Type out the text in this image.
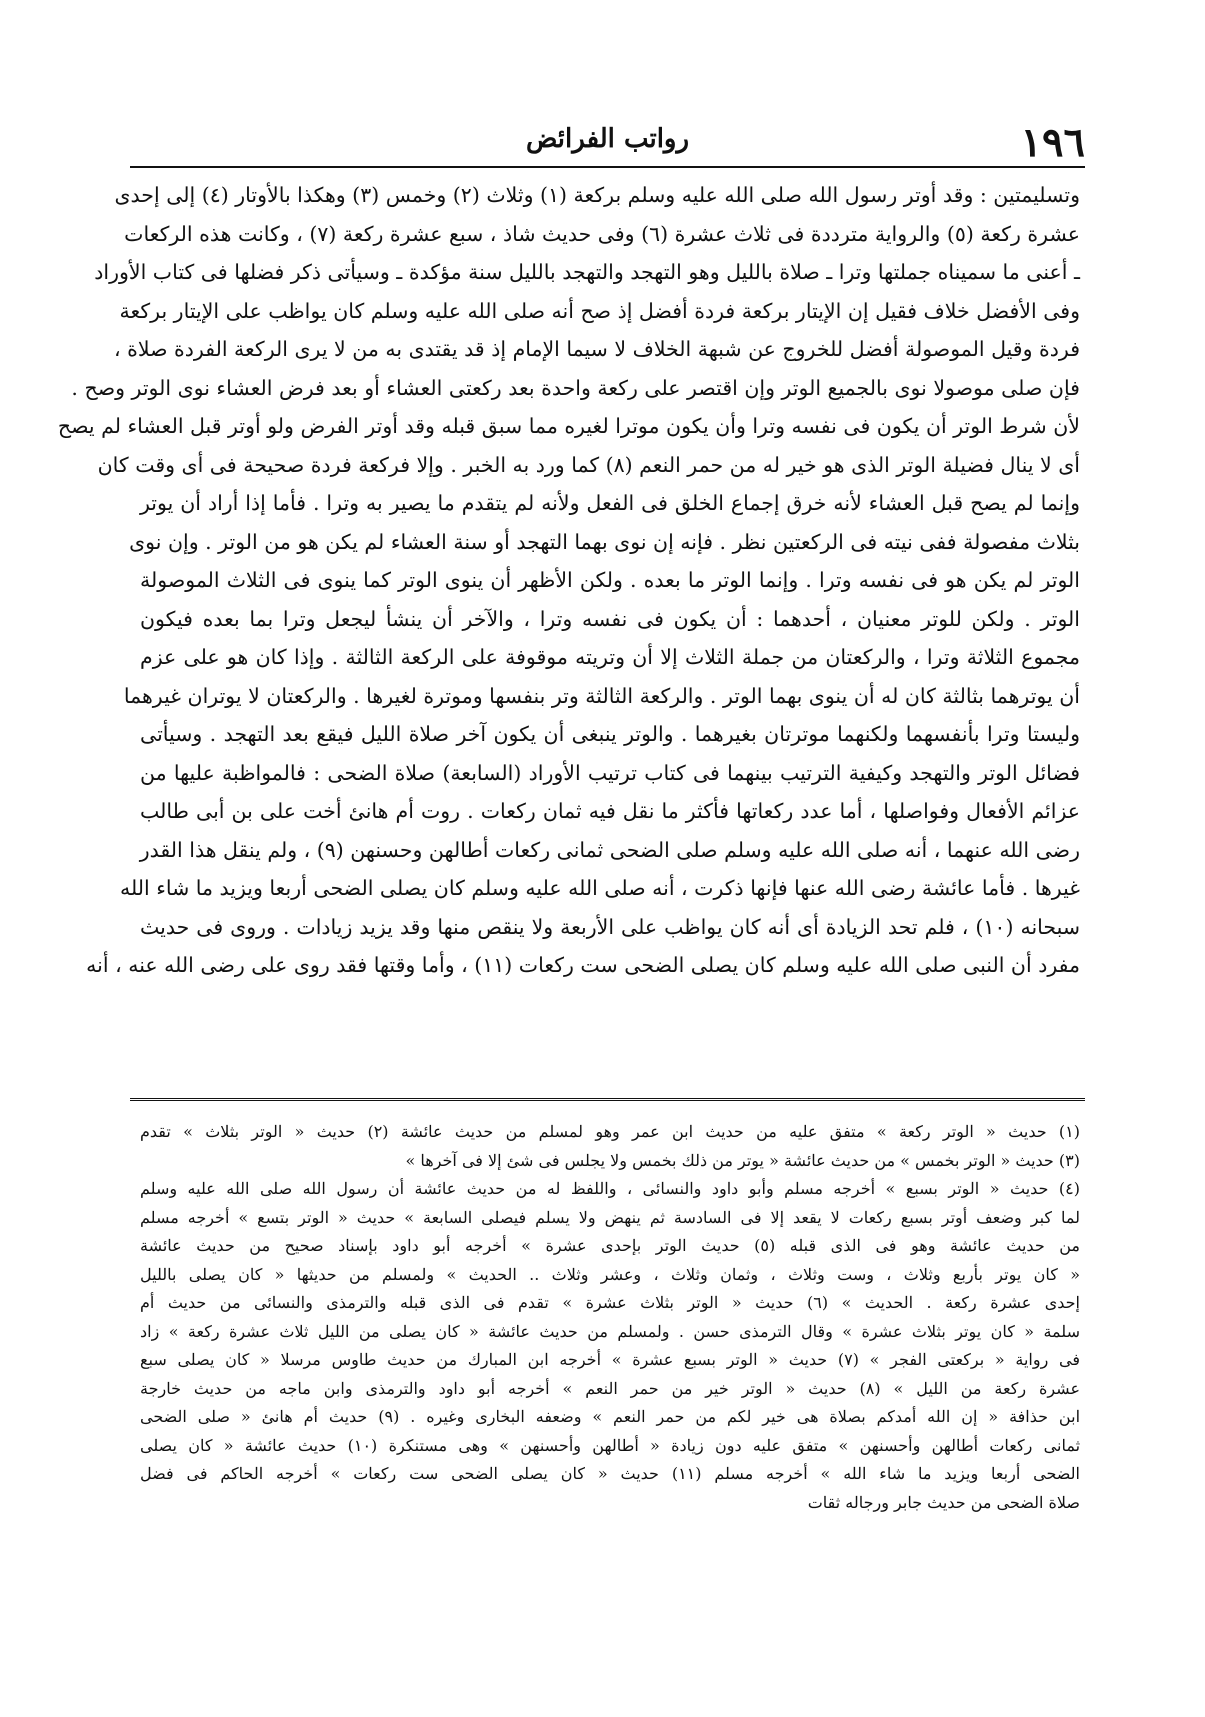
١٩٦
رواتب الفرائض
وتسليمتين : وقد أوتر رسول الله صلى الله عليه وسلم بركعة (١) وثلاث (٢) وخمس (٣) وهكذا بالأوتار (٤) إلى إحدى
عشرة ركعة (٥) والرواية مترددة فى ثلاث عشرة (٦) وفى حديث شاذ ، سبع عشرة ركعة (٧) ، وكانت هذه الركعات
ـ أعنى ما سميناه جملتها وترا ـ صلاة بالليل وهو التهجد والتهجد بالليل سنة مؤكدة ـ وسيأتى ذكر فضلها فى كتاب الأوراد
وفى الأفضل خلاف فقيل إن الإيتار بركعة فردة أفضل إذ صح أنه صلى الله عليه وسلم كان يواظب على الإيتار بركعة
فردة وقيل الموصولة أفضل للخروج عن شبهة الخلاف لا سيما الإمام إذ قد يقتدى به من لا يرى الركعة الفردة صلاة ،
فإن صلى موصولا نوى بالجميع الوتر وإن اقتصر على ركعة واحدة بعد ركعتى العشاء أو بعد فرض العشاء نوى الوتر وصح .
لأن شرط الوتر أن يكون فى نفسه وترا وأن يكون موترا لغيره مما سبق قبله وقد أوتر الفرض ولو أوتر قبل العشاء لم يصح
أى لا ينال فضيلة الوتر الذى هو خير له من حمر النعم (٨) كما ورد به الخبر . وإلا فركعة فردة صحيحة فى أى وقت كان
وإنما لم يصح قبل العشاء لأنه خرق إجماع الخلق فى الفعل ولأنه لم يتقدم ما يصير به وترا . فأما إذا أراد أن يوتر
بثلاث مفصولة ففى نيته فى الركعتين نظر . فإنه إن نوى بهما التهجد أو سنة العشاء لم يكن هو من الوتر . وإن نوى
الوتر لم يكن هو فى نفسه وترا . وإنما الوتر ما بعده . ولكن الأظهر أن ينوى الوتر كما ينوى فى الثلاث الموصولة
الوتر . ولكن للوتر معنيان ، أحدهما : أن يكون فى نفسه وترا ، والآخر أن ينشأ ليجعل وترا بما بعده فيكون
مجموع الثلاثة وترا ، والركعتان من جملة الثلاث إلا أن وتريته موقوفة على الركعة الثالثة . وإذا كان هو على عزم
أن يوترهما بثالثة كان له أن ينوى بهما الوتر . والركعة الثالثة وتر بنفسها وموترة لغيرها . والركعتان لا يوتران غيرهما
وليستا وترا بأنفسهما ولكنهما موترتان بغيرهما . والوتر ينبغى أن يكون آخر صلاة الليل فيقع بعد التهجد . وسيأتى
فضائل الوتر والتهجد وكيفية الترتيب بينهما فى كتاب ترتيب الأوراد (السابعة) صلاة الضحى : فالمواظبة عليها من
عزائم الأفعال وفواصلها ، أما عدد ركعاتها فأكثر ما نقل فيه ثمان ركعات . روت أم هانئ أخت على بن أبى طالب
رضى الله عنهما ، أنه صلى الله عليه وسلم صلى الضحى ثمانى ركعات أطالهن وحسنهن (٩) ، ولم ينقل هذا القدر
غيرها . فأما عائشة رضى الله عنها فإنها ذكرت ، أنه صلى الله عليه وسلم كان يصلى الضحى أربعا ويزيد ما شاء الله
سبحانه (١٠) ، فلم تحد الزيادة أى أنه كان يواظب على الأربعة ولا ينقص منها وقد يزيد زيادات . وروى فى حديث
مفرد أن النبى صلى الله عليه وسلم كان يصلى الضحى ست ركعات (١١) ، وأما وقتها فقد روى على رضى الله عنه ، أنه
(١) حديث « الوتر ركعة » متفق عليه من حديث ابن عمر وهو لمسلم من حديث عائشة (٢) حديث « الوتر بثلاث » تقدم
(٣) حديث « الوتر بخمس » من حديث عائشة « يوتر من ذلك بخمس ولا يجلس فى شئ إلا فى آخرها »
(٤) حديث « الوتر بسبع » أخرجه مسلم وأبو داود والنسائى ، واللفظ له من حديث عائشة أن رسول الله صلى الله عليه وسلم
لما كبر وضعف أوتر بسبع ركعات لا يقعد إلا فى السادسة ثم ينهض ولا يسلم فيصلى السابعة » حديث « الوتر بتسع » أخرجه مسلم
من حديث عائشة وهو فى الذى قبله (٥) حديث الوتر بإحدى عشرة » أخرجه أبو داود بإسناد صحيح من حديث عائشة
« كان يوتر بأربع وثلاث ، وست وثلاث ، وثمان وثلاث ، وعشر وثلاث .. الحديث » ولمسلم من حديثها « كان يصلى بالليل
إحدى عشرة ركعة . الحديث » (٦) حديث « الوتر بثلاث عشرة » تقدم فى الذى قبله والترمذى والنسائى من حديث أم
سلمة « كان يوتر بثلاث عشرة » وقال الترمذى حسن . ولمسلم من حديث عائشة « كان يصلى من الليل ثلاث عشرة ركعة » زاد
فى رواية « بركعتى الفجر » (٧) حديث « الوتر بسبع عشرة » أخرجه ابن المبارك من حديث طاوس مرسلا « كان يصلى سبع
عشرة ركعة من الليل » (٨) حديث « الوتر خير من حمر النعم » أخرجه أبو داود والترمذى وابن ماجه من حديث خارجة
ابن حذافة « إن الله أمدكم بصلاة هى خير لكم من حمر النعم » وضعفه البخارى وغيره . (٩) حديث أم هانئ « صلى الضحى
ثمانى ركعات أطالهن وأحسنهن » متفق عليه دون زيادة « أطالهن وأحسنهن » وهى مستنكرة (١٠) حديث عائشة « كان يصلى
الضحى أربعا ويزيد ما شاء الله » أخرجه مسلم (١١) حديث « كان يصلى الضحى ست ركعات » أخرجه الحاكم فى فضل
صلاة الضحى من حديث جابر ورجاله ثقات
